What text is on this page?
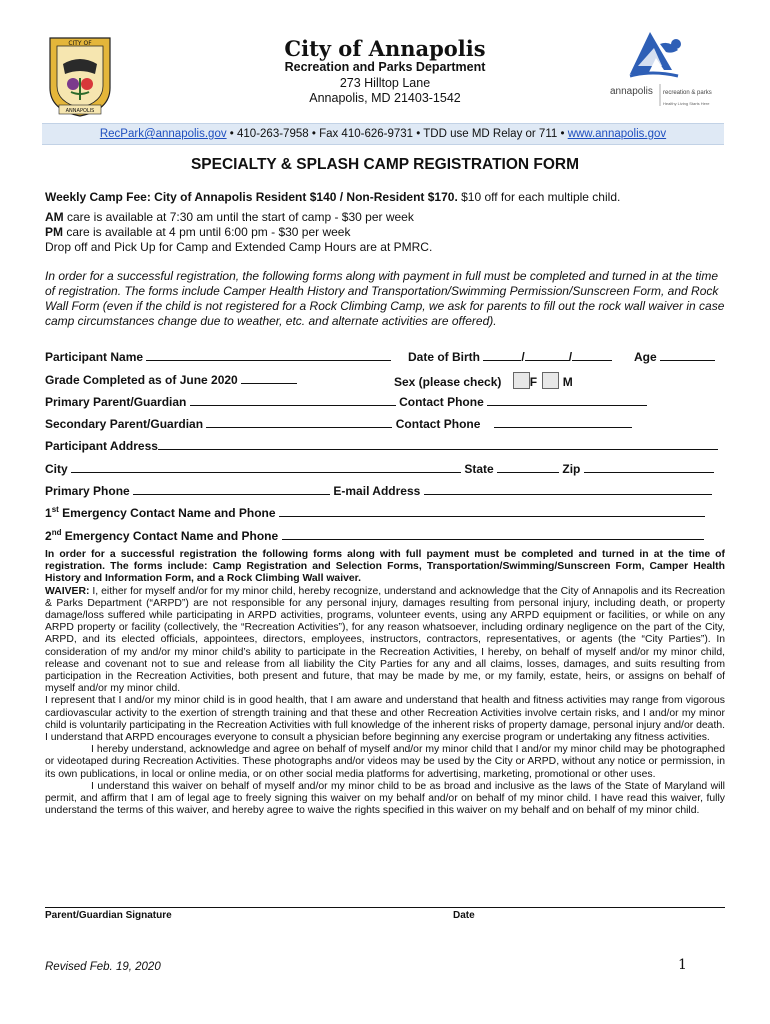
CITY OF
ANNAPOLIS
City of Annapolis
Recreation and Parks Department
273 Hilltop Lane
Annapolis, MD 21403-1542	annapolis recreation & parks
Healthy Living Starts Here
RecPark@annapolis.gov • 410-263-7958 • Fax 410-626-9731 • TDD use MD Relay or 711 • www.annapolis.gov
SPECIALTY & SPLASH CAMP REGISTRATION FORM
Weekly Camp Fee: City of Annapolis Resident $140 / Non-Resident $170. $10 off for each multiple child.
AM care is available at 7:30 am until the start of camp - $30 per week
PM care is available at 4 pm until 6:00 pm - $30 per week
Drop off and Pick Up for Camp and Extended Camp Hours are at PMRC.
In order for a successful registration, the following forms along with payment in full must be completed and turned in at the time of registration. The forms include Camper Health History and Transportation/Swimming Permission/Sunscreen Form, and Rock Wall Form (even if the child is not registered for a Rock Climbing Camp, we ask for parents to fill out the rock wall waiver in case camp circumstances change due to weather, etc. and alternate activities are offered).
Participant Name	Date of Birth	/	/	Age
Grade Completed as of June 2020	Sex (please check) F M
Primary Parent/Guardian	Contact Phone
Secondary Parent/Guardian	Contact Phone
Participant Address
City	State	Zip
Primary Phone	E-mail Address
1st Emergency Contact Name and Phone
2nd Emergency Contact Name and Phone

In order for a successful registration the following forms along with full payment must be completed and turned in at the time of registration. The forms include: Camp Registration and Selection Forms, Transportation/Swimming/Sunscreen Form, Camper Health History and Information Form, and a Rock Climbing Wall waiver.

WAIVER: I, either for myself and/or for my minor child, hereby recognize, understand and acknowledge that the City of Annapolis and its Recreation & Parks Department (“ARPD”) are not responsible for any personal injury, damages resulting from personal injury, including death, or property damage/loss suffered while participating in ARPD activities, programs, volunteer events, using any ARPD equipment or facilities, or while on any ARPD property or facility (collectively, the “Recreation Activities”), for any reason whatsoever, including ordinary negligence on the part of the City, ARPD, and its elected officials, appointees, directors, employees, instructors, contractors, representatives, or agents (the “City Parties”). In consideration of my and/or my minor child’s ability to participate in the Recreation Activities, I hereby, on behalf of myself and/or my minor child, release and covenant not to sue and release from all liability the City Parties for any and all claims, losses, damages, and suits resulting from participation in the Recreation Activities, both present and future, that may be made by me, or my family, estate, heirs, or assigns on behalf of myself and/or my minor child.

I represent that I and/or my minor child is in good health, that I am aware and understand that health and fitness activities may range from vigorous cardiovascular activity to the exertion of strength training and that these and other Recreation Activities involve certain risks, and I and/or my minor child is voluntarily participating in the Recreation Activities with full knowledge of the inherent risks of property damage, personal injury and/or death. I understand that ARPD encourages everyone to consult a physician before beginning any exercise program or undertaking any fitness activities.

I hereby understand, acknowledge and agree on behalf of myself and/or my minor child that I and/or my minor child may be photographed or videotaped during Recreation Activities. These photographs and/or videos may be used by the City or ARPD, without any notice or permission, in its own publications, in local or online media, or on other social media platforms for advertising, marketing, promotional or other uses.

I understand this waiver on behalf of myself and/or my minor child to be as broad and inclusive as the laws of the State of Maryland will permit, and affirm that I am of legal age to freely signing this waiver on my behalf and/or on behalf of my minor child. I have read this waiver, fully understand the terms of this waiver, and hereby agree to waive the rights specified in this waiver on my behalf and on behalf of my minor child.

Parent/Guardian Signature	Date
Revised Feb. 19, 2020	1
